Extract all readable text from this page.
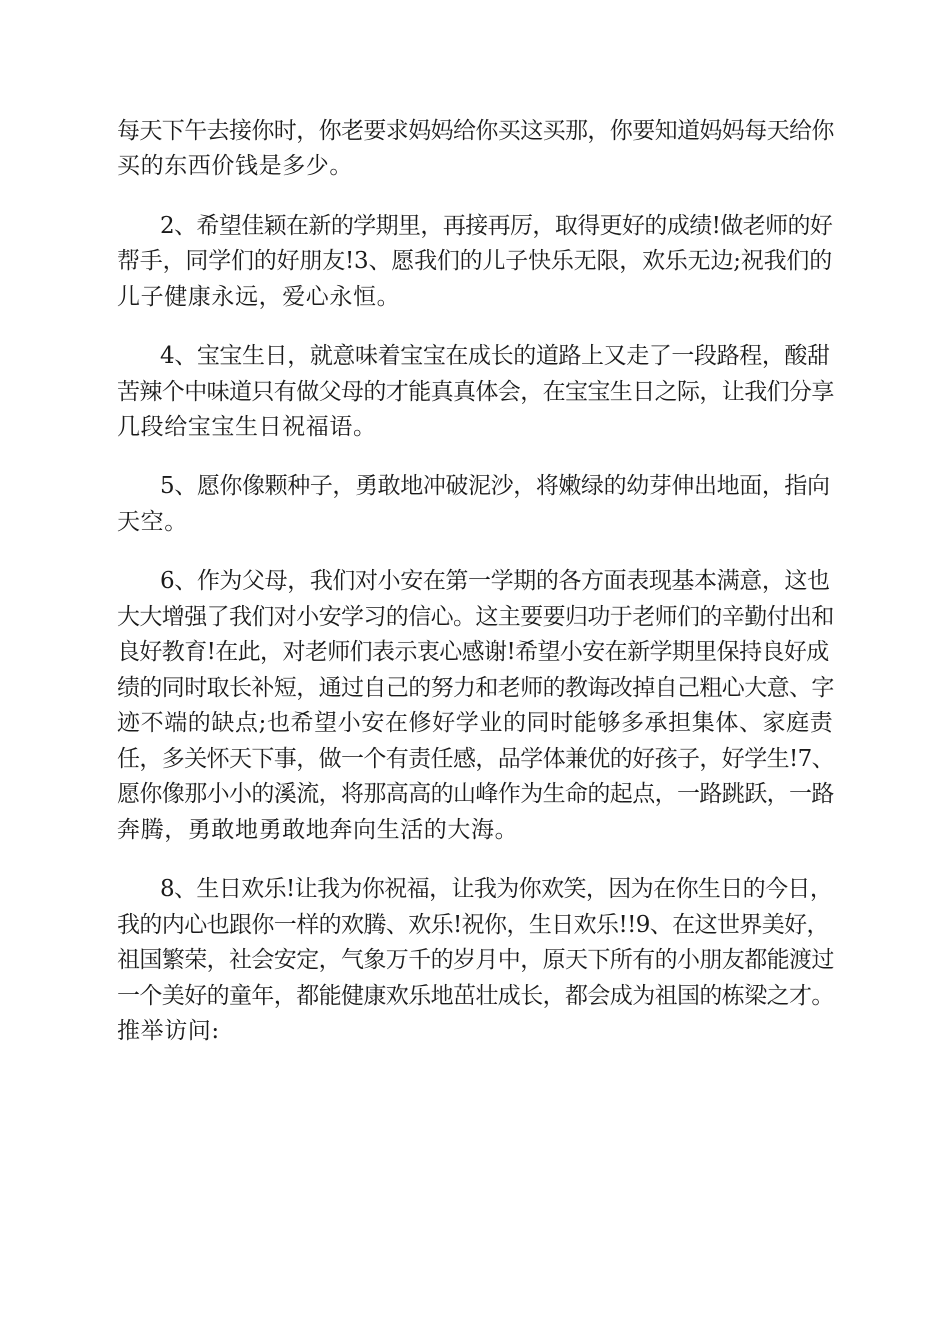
每天下午去接你时，你老要求妈妈给你买这买那，你要知道妈妈每天给你
买的东西价钱是多少。
2、希望佳颖在新的学期里，再接再厉，取得更好的成绩!做老师的好
帮手，同学们的好朋友!3、愿我们的儿子快乐无限，欢乐无边;祝我们的
儿子健康永远，爱心永恒。
4、宝宝生日，就意味着宝宝在成长的道路上又走了一段路程，酸甜
苦辣个中味道只有做父母的才能真真体会，在宝宝生日之际，让我们分享
几段给宝宝生日祝福语。
5、愿你像颗种子，勇敢地冲破泥沙，将嫩绿的幼芽伸出地面，指向
天空。
6、作为父母，我们对小安在第一学期的各方面表现基本满意，这也
大大增强了我们对小安学习的信心。这主要要归功于老师们的辛勤付出和
良好教育!在此，对老师们表示衷心感谢!希望小安在新学期里保持良好成
绩的同时取长补短，通过自己的努力和老师的教诲改掉自己粗心大意、字
迹不端的缺点;也希望小安在修好学业的同时能够多承担集体、家庭责
任，多关怀天下事，做一个有责任感，品学体兼优的好孩子，好学生!7、
愿你像那小小的溪流，将那高高的山峰作为生命的起点，一路跳跃，一路
奔腾，勇敢地勇敢地奔向生活的大海。
8、生日欢乐!让我为你祝福，让我为你欢笑，因为在你生日的今日，
我的内心也跟你一样的欢腾、欢乐!祝你，生日欢乐!!9、在这世界美好，
祖国繁荣，社会安定，气象万千的岁月中，原天下所有的小朋友都能渡过
一个美好的童年，都能健康欢乐地茁壮成长，都会成为祖国的栋梁之才。
推举访问:
